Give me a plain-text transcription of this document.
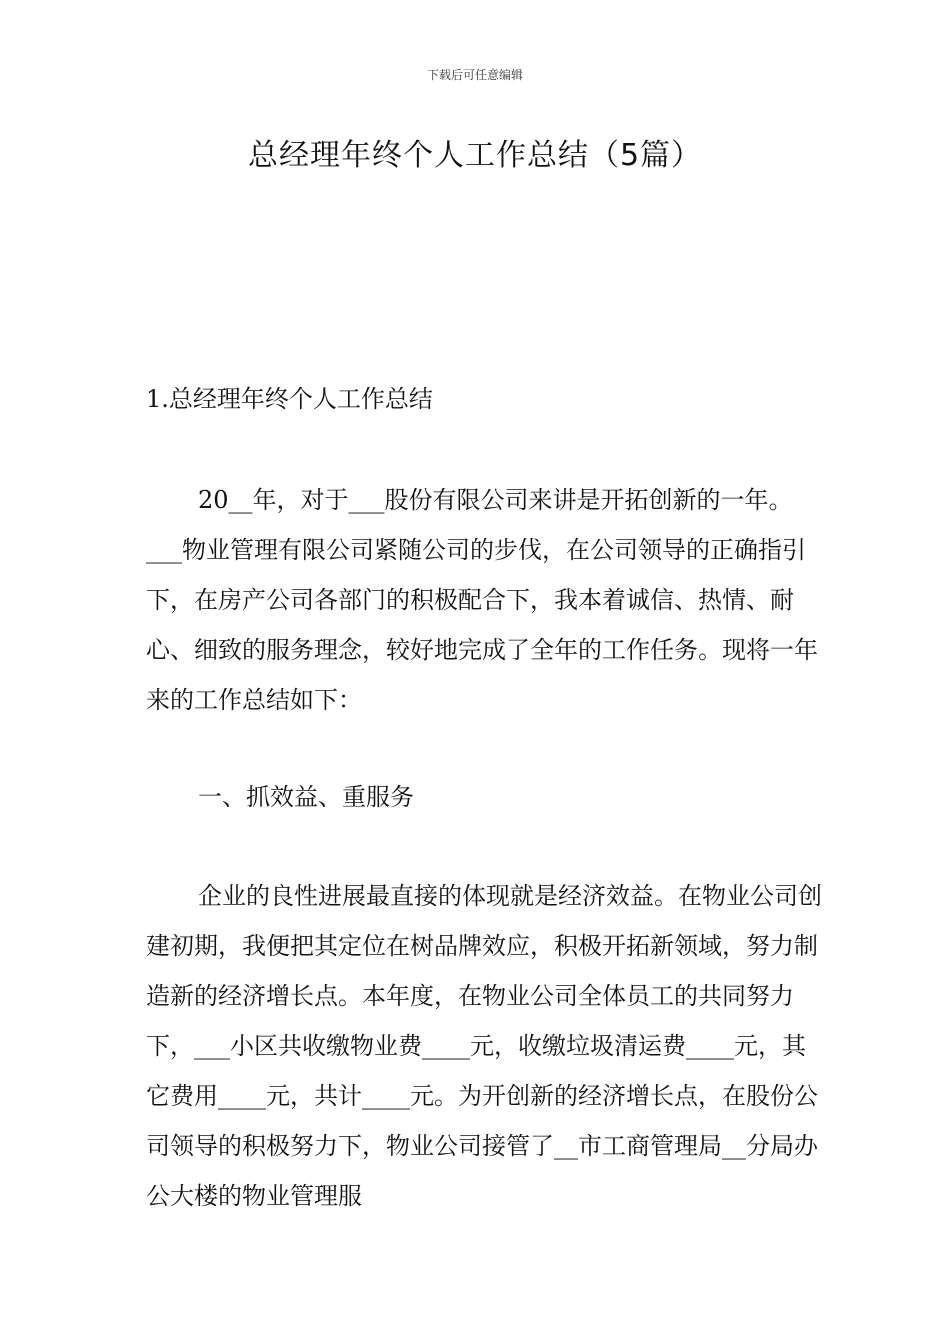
下载后可任意编辑
总经理年终个人工作总结（5篇）
1.总经理年终个人工作总结
20__年，对于___股份有限公司来讲是开拓创新的一年。___物业管理有限公司紧随公司的步伐，在公司领导的正确指引下，在房产公司各部门的积极配合下，我本着诚信、热情、耐心、细致的服务理念，较好地完成了全年的工作任务。现将一年来的工作总结如下：
一、抓效益、重服务
企业的良性进展最直接的体现就是经济效益。在物业公司创建初期，我便把其定位在树品牌效应，积极开拓新领域，努力制造新的经济增长点。本年度，在物业公司全体员工的共同努力下，___小区共收缴物业费____元，收缴垃圾清运费____元，其它费用____元，共计____元。为开创新的经济增长点，在股份公司领导的积极努力下，物业公司接管了__市工商管理局__分局办公大楼的物业管理服
